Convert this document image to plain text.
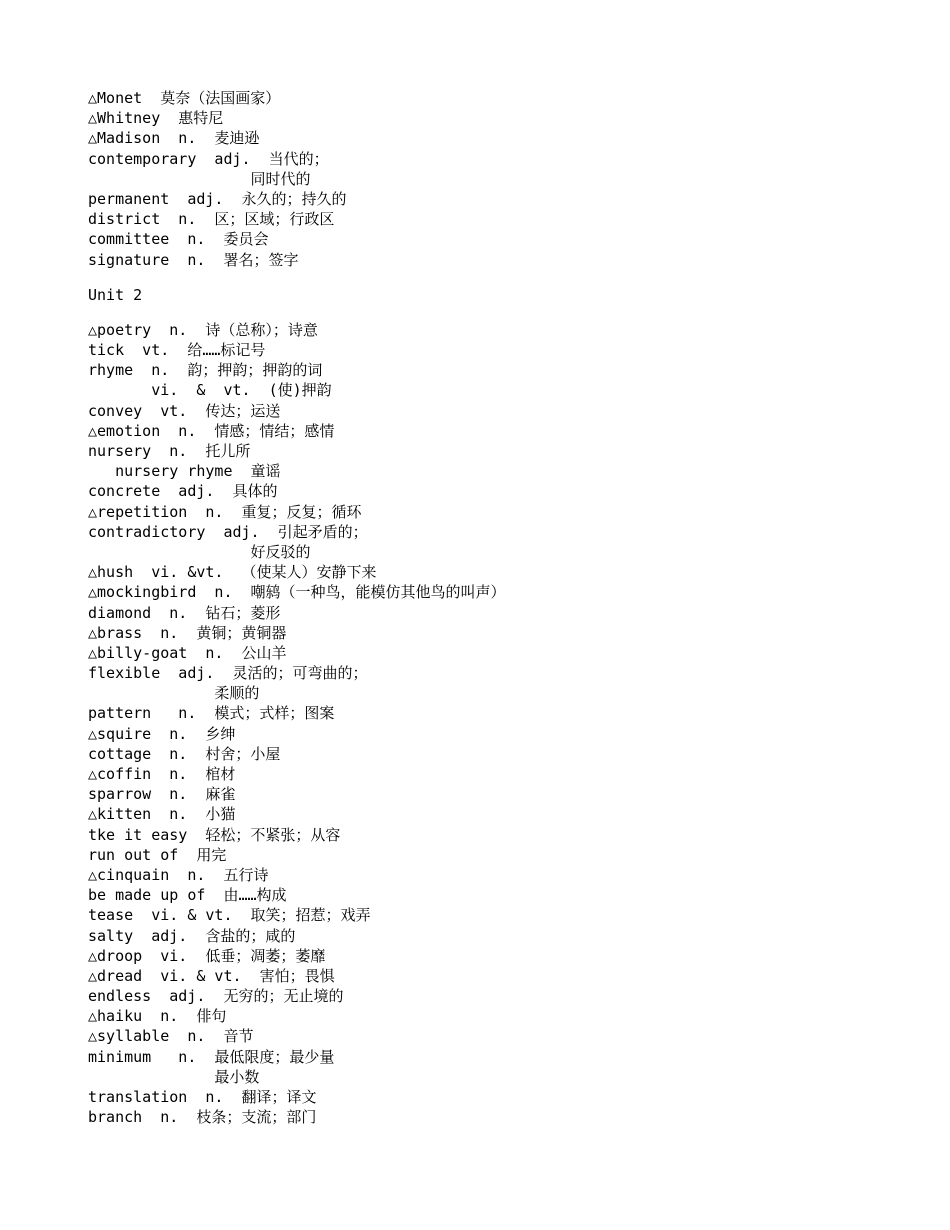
△Monet  莫奈（法国画家）
△Whitney  惠特尼
△Madison  n.  麦迪逊
contemporary  adj.  当代的；
同时代的
permanent  adj.  永久的；持久的
district  n.  区；区域；行政区
committee  n.  委员会
signature  n.  署名；签字
Unit 2
△poetry  n.  诗（总称）；诗意
tick  vt.  给……标记号
rhyme  n.  韵；押韵；押韵的词
vi.  &  vt.  (使)押韵
convey  vt.  传达；运送
△emotion  n.  情感；情结；感情
nursery  n.  托儿所
nursery rhyme  童谣
concrete  adj.  具体的
△repetition  n.  重复；反复；循环
contradictory  adj.  引起矛盾的；
好反驳的
△hush  vi. &vt.  （使某人）安静下来
△mockingbird  n.  嘲鸫（一种鸟，能模仿其他鸟的叫声）
diamond  n.  钻石；菱形
△brass  n.  黄铜；黄铜器
△billy-goat  n.  公山羊
flexible  adj.  灵活的；可弯曲的；
柔顺的
pattern   n.  模式；式样；图案
△squire  n.  乡绅
cottage  n.  村舍；小屋
△coffin  n.  棺材
sparrow  n.  麻雀
△kitten  n.  小猫
tke it easy  轻松；不紧张；从容
run out of  用完
△cinquain  n.  五行诗
be made up of  由……构成
tease  vi. & vt.  取笑；招惹；戏弄
salty  adj.  含盐的；咸的
△droop  vi.  低垂；凋萎；萎靡
△dread  vi. & vt.  害怕；畏惧
endless  adj.  无穷的；无止境的
△haiku  n.  俳句
△syllable  n.  音节
minimum   n.  最低限度；最少量
最小数
translation  n.  翻译；译文
branch  n.  枝条；支流；部门
